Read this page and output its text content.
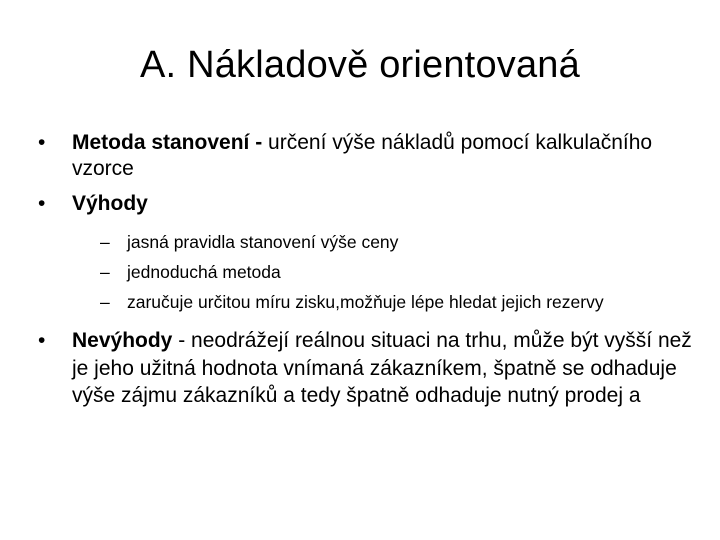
A. Nákladově orientovaná
• Metoda stanovení - určení výše nákladů pomocí kalkulačního vzorce
• Výhody
– jasná pravidla stanovení výše ceny
– jednoduchá metoda
– zaručuje určitou míru zisku,možňuje lépe hledat jejich rezervy
• Nevýhody - neodrážejí reálnou situaci na trhu, může být vyšší než je jeho užitná hodnota vnímaná zákazníkem, špatně se odhaduje výše zájmu zákazníků a tedy špatně odhaduje nutný prodej a
